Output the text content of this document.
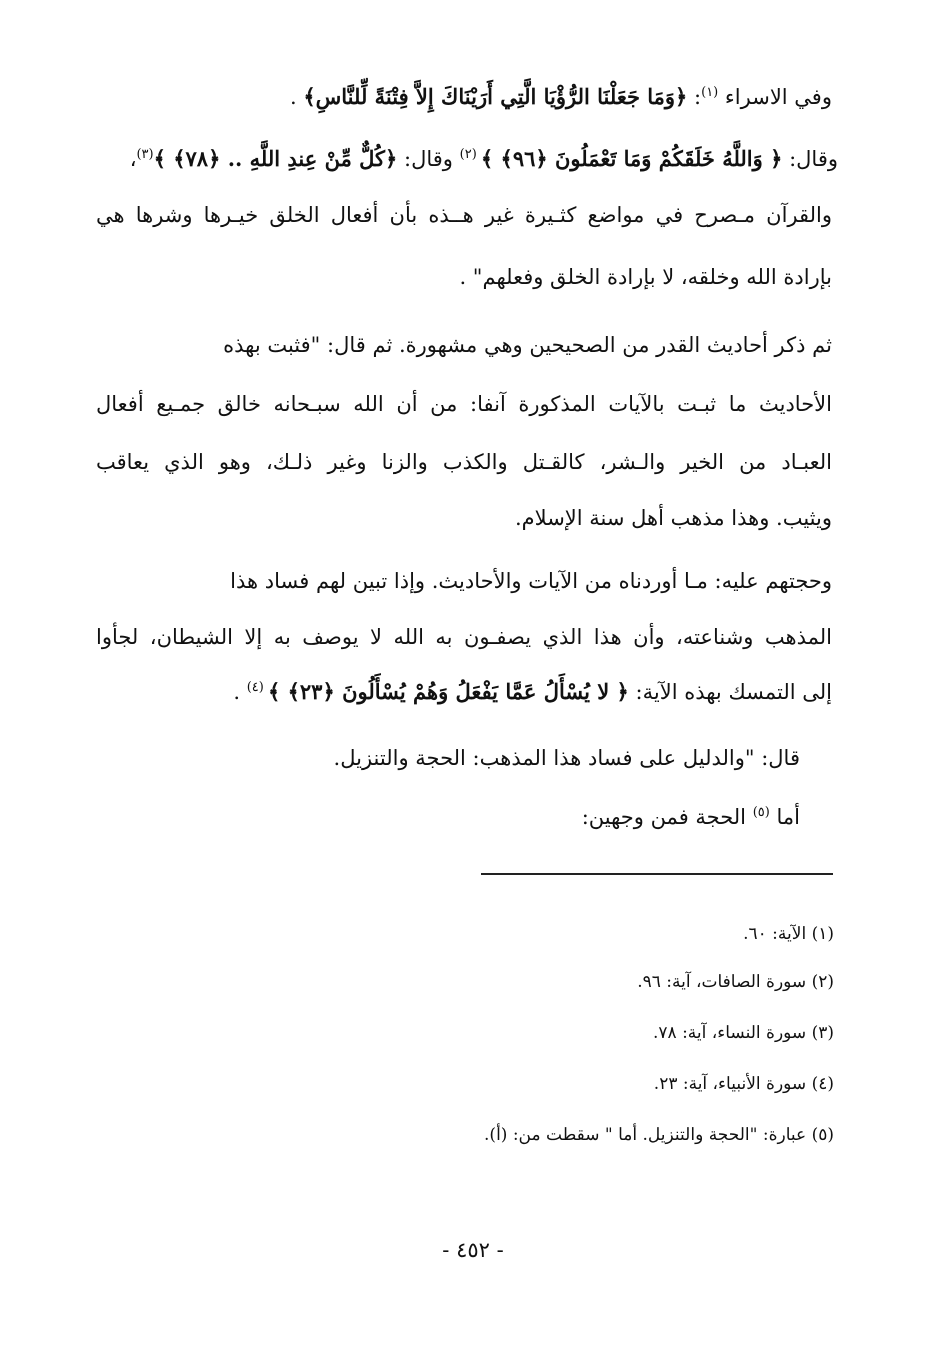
وفي الاسراء $^{(١)}$: ﴿وَمَا جَعَلْنَا الرُّؤْيَا الَّتِي أَرَيْنَاكَ إِلاَّ فِتْنَةً لِّلنَّاسِ﴾ .
وقال: ﴿ وَاللَّهُ خَلَقَكُمْ وَمَا تَعْمَلُونَ ﴿٩٦﴾ ﴾ $^{(٢)}$ وقال: ﴿كُلٌّ مِّنْ عِندِ اللَّهِ .. ﴿٧٨﴾ ﴾$^{(٣)}$،
والقرآن مـصرح في مواضع كثـيرة غير هــذه بأن أفعال الخلق خيـرها وشرها هي
بإرادة الله وخلقه، لا بإرادة الخلق وفعلهم" .
ثم ذكر أحاديث القدر من الصحيحين وهي مشهورة. ثم قال: "فثبت بهذه
الأحاديث ما ثبـت بالآيات المذكورة آنفا: من أن الله سبـحانه خالق جمـيع أفعال
العبـاد من الخير والـشر، كالقـتل والكذب والزنا وغير ذلـك، وهو الذي يعاقب
ويثيب. وهذا مذهب أهل سنة الإسلام.
وحجتهم عليه: مـا أوردناه من الآيات والأحاديث. وإذا تبين لهم فساد هذا
المذهب وشناعته، وأن هذا الذي يصفـون به الله لا يوصف به إلا الشيطان، لجأوا
إلى التمسك بهذه الآية: ﴿ لا يُسْأَلُ عَمَّا يَفْعَلُ وَهُمْ يُسْأَلُونَ ﴿٢٣﴾ ﴾ $^{(٤)}$ .
قال: "والدليل على فساد هذا المذهب: الحجة والتنزيل.
أما $^{(٥)}$ الحجة فمن وجهين:
(١) الآية: ٦٠.
(٢) سورة الصافات، آية: ٩٦.
(٣) سورة النساء، آية: ٧٨.
(٤) سورة الأنبياء، آية: ٢٣.
(٥) عبارة: "الحجة والتنزيل. أما " سقطت من: (أ).
- ٤٥٢ -
